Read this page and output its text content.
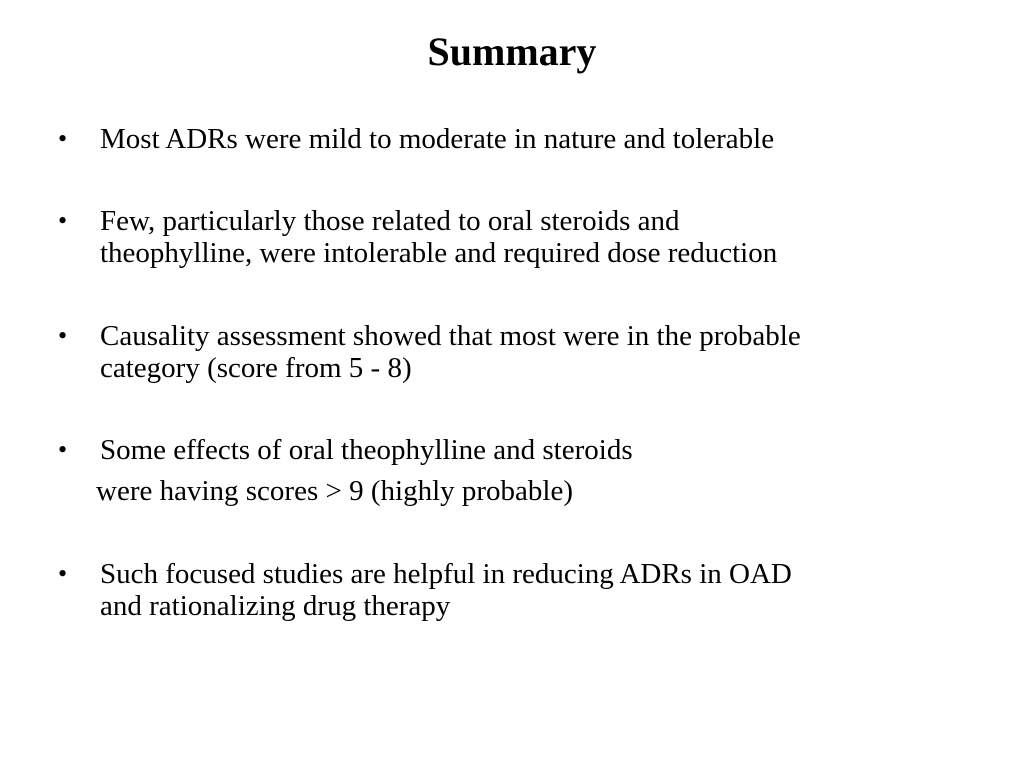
Summary
• Most ADRs were mild to moderate in nature and tolerable
• Few, particularly those related to oral steroids and
theophylline, were intolerable and required dose reduction
• Causality assessment showed that most were in the probable
category (score from 5 - 8)
• Some effects of oral theophylline and steroids
• Such focused studies are helpful in reducing ADRs in OAD
and rationalizing drug therapy
were having scores > 9 (highly probable)
